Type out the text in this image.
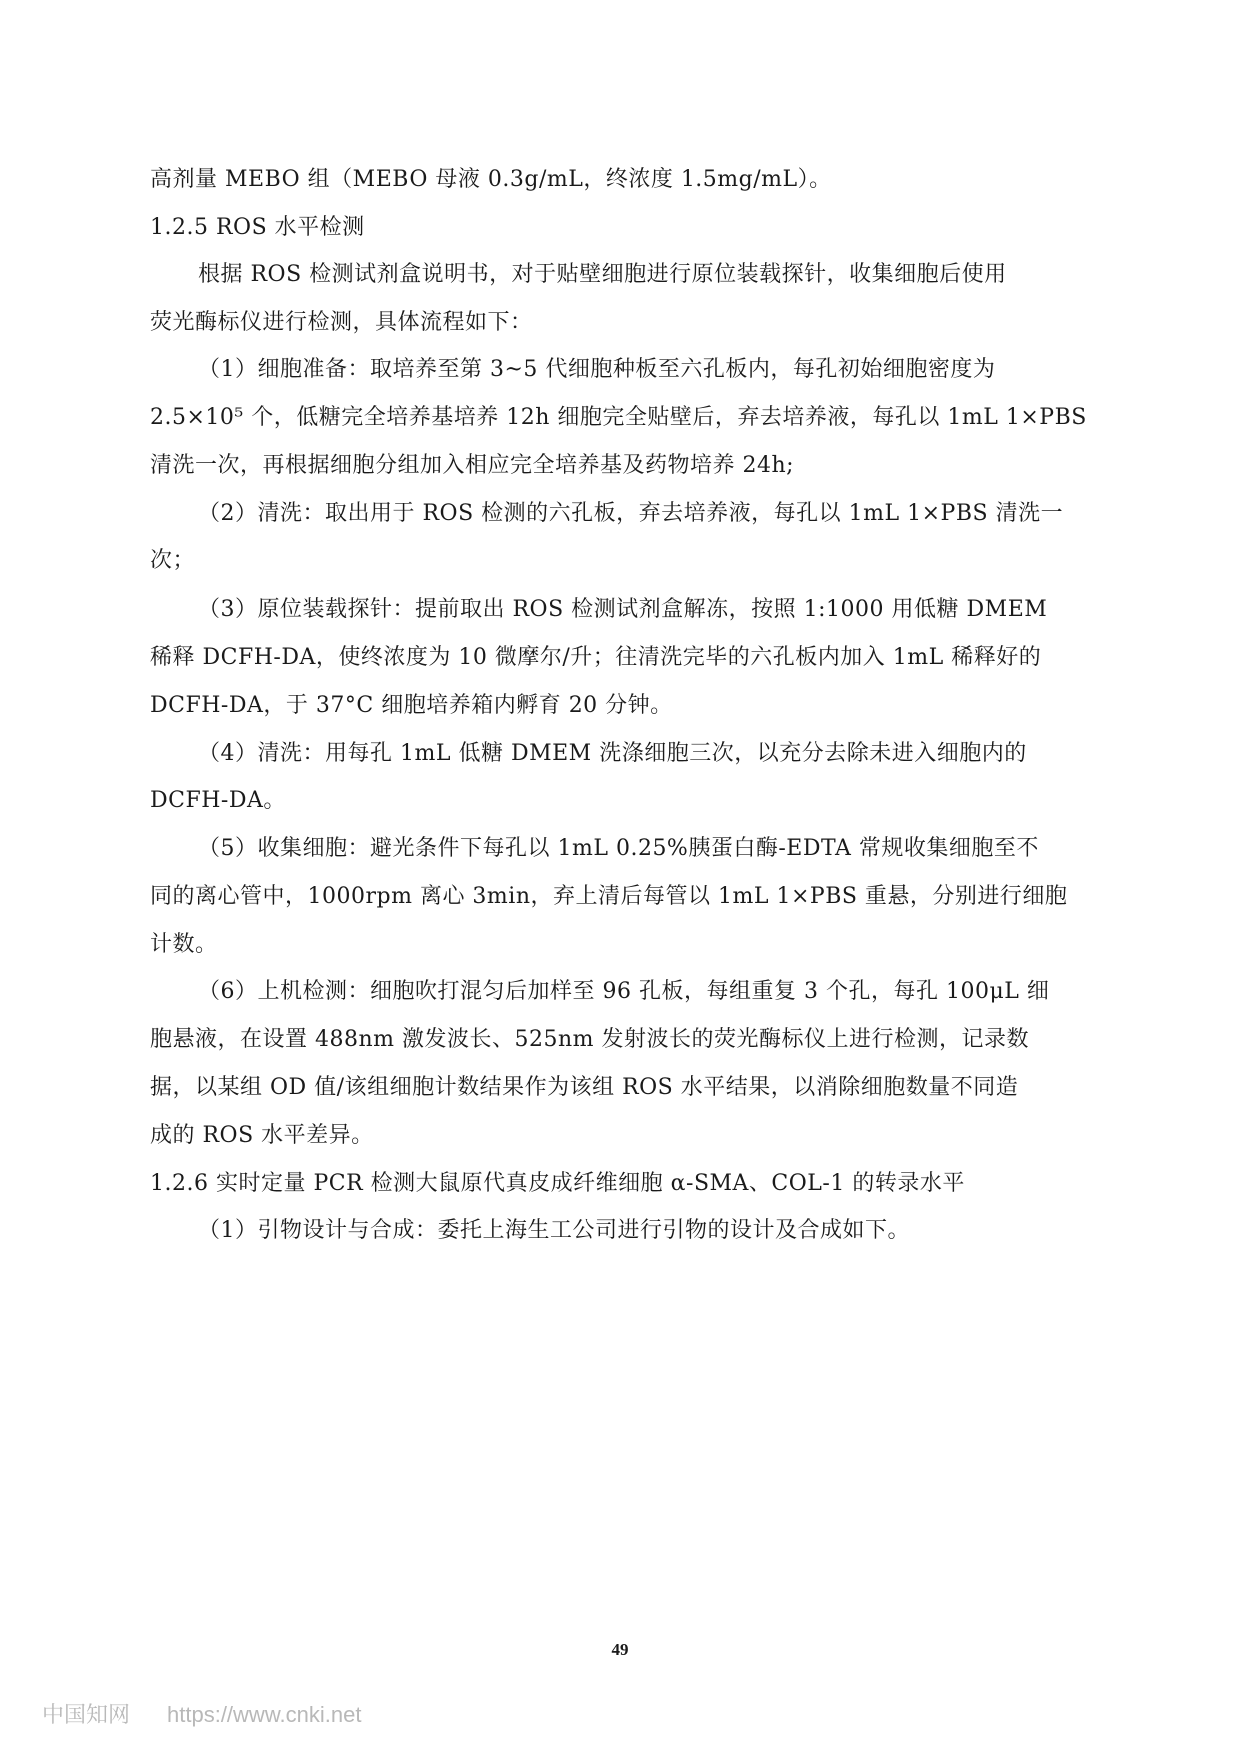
高剂量 MEBO 组（MEBO 母液 0.3g/mL，终浓度 1.5mg/mL）。
1.2.5 ROS 水平检测
根据 ROS 检测试剂盒说明书，对于贴壁细胞进行原位装载探针，收集细胞后使用
荧光酶标仪进行检测，具体流程如下：
（1）细胞准备：取培养至第 3~5 代细胞种板至六孔板内，每孔初始细胞密度为
2.5×10⁵ 个，低糖完全培养基培养 12h 细胞完全贴壁后，弃去培养液，每孔以 1mL 1×PBS
清洗一次，再根据细胞分组加入相应完全培养基及药物培养 24h;
（2）清洗：取出用于 ROS 检测的六孔板，弃去培养液，每孔以 1mL 1×PBS 清洗一
次；
（3）原位装载探针：提前取出 ROS 检测试剂盒解冻，按照 1:1000 用低糖 DMEM
稀释 DCFH-DA，使终浓度为 10 微摩尔/升；往清洗完毕的六孔板内加入 1mL 稀释好的
DCFH-DA，于 37°C 细胞培养箱内孵育 20 分钟。
（4）清洗：用每孔 1mL 低糖 DMEM 洗涤细胞三次，以充分去除未进入细胞内的
DCFH-DA。
（5）收集细胞：避光条件下每孔以 1mL 0.25%胰蛋白酶-EDTA 常规收集细胞至不
同的离心管中，1000rpm 离心 3min，弃上清后每管以 1mL 1×PBS 重悬，分别进行细胞
计数。
（6）上机检测：细胞吹打混匀后加样至 96 孔板，每组重复 3 个孔，每孔 100μL 细
胞悬液，在设置 488nm 激发波长、525nm 发射波长的荧光酶标仪上进行检测，记录数
据，以某组 OD 值/该组细胞计数结果作为该组 ROS 水平结果，以消除细胞数量不同造
成的 ROS 水平差异。
1.2.6 实时定量 PCR 检测大鼠原代真皮成纤维细胞 α-SMA、COL-1 的转录水平
（1）引物设计与合成：委托上海生工公司进行引物的设计及合成如下。
49
中国知网 https://www.cnki.net
